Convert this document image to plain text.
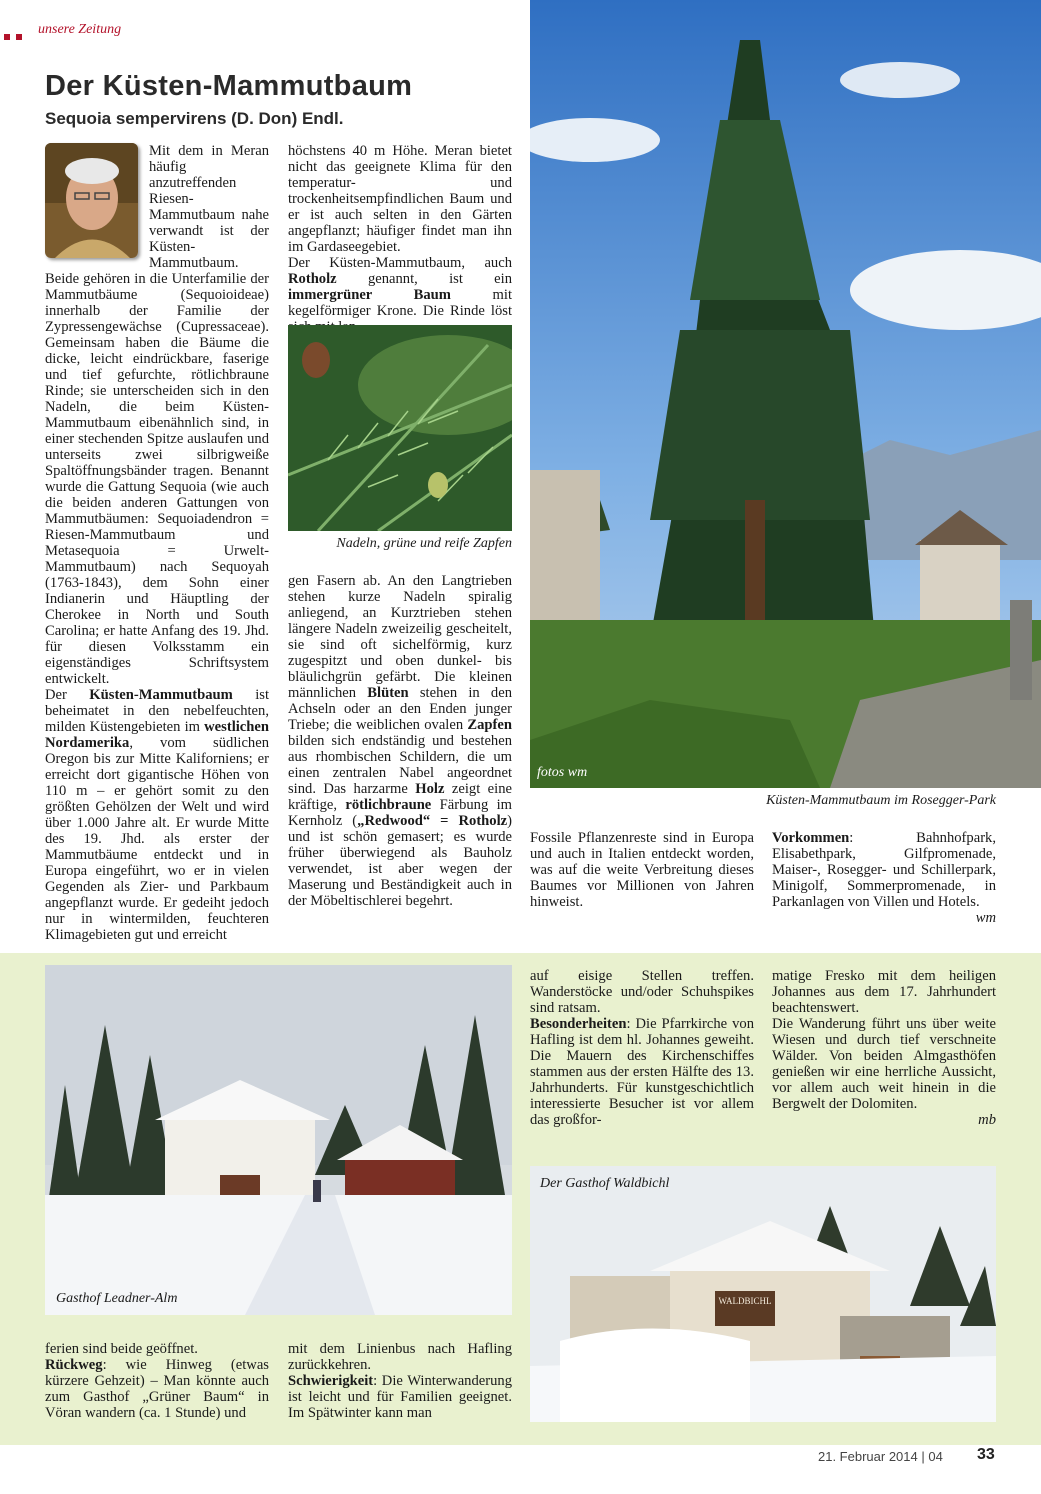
unsere Zeitung
Der Küsten-Mammutbaum
Sequoia sempervirens (D. Don) Endl.

Mit dem in Meran häufig anzutreffenden Riesen-Mammutbaum nahe verwandt ist der Küsten-Mammutbaum. Beide gehören in die Unterfamilie der Mammutbäume (Sequoioideae) innerhalb der Familie der Zypressengewächse (Cupressaceae). Gemeinsam haben die Bäume die dicke, leicht eindrückbare, faserige und tief gefurchte, rötlichbraune Rinde; sie unterscheiden sich in den Nadeln, die beim Küsten-Mammutbaum eibenähnlich sind, in einer stechenden Spitze auslaufen und unterseits zwei silbrigweiße Spaltöffnungsbänder tragen. Benannt wurde die Gattung Sequoia (wie auch die beiden anderen Gattungen von Mammutbäumen: Sequoiadendron = Riesen-Mammutbaum und Metasequoia = Urwelt-Mammutbaum) nach Sequoyah (1763-1843), dem Sohn einer Indianerin und Häuptling der Cherokee in North und South Carolina; er hatte Anfang des 19. Jhd. für diesen Volksstamm ein eigenständiges Schriftsystem entwickelt.

Der Küsten-Mammutbaum ist beheimatet in den nebelfeuchten, milden Küstengebieten im westlichen Nordamerika, vom südlichen Oregon bis zur Mitte Kaliforniens; er erreicht dort gigantische Höhen von 110 m – er gehört somit zu den größten Gehölzen der Welt und wird über 1.000 Jahre alt. Er wurde Mitte des 19. Jhd. als erster der Mammutbäume entdeckt und in Europa eingeführt, wo er in vielen Gegenden als Zier- und Parkbaum angepflanzt wurde. Er gedeiht jedoch nur in wintermilden, feuchteren Klimagebieten gut und erreicht

höchstens 40 m Höhe. Meran bietet nicht das geeignete Klima für den temperatur- und trockenheitsempfindlichen Baum und er ist auch selten in den Gärten angepflanzt; häufiger findet man ihn im Gardaseegebiet.

Der Küsten-Mammutbaum, auch Rotholz genannt, ist ein immergrüner Baum	mit kegelförmiger Krone. Die Rinde löst

Nadeln, grüne und reife Zapfen

gen Fasern ab. An den Langtrieben stehen kurze Nadeln spiralig anliegend, an Kurztrieben stehen längere Nadeln zweizeilig gescheitelt, sie sind oft sichelförmig, kurz zugespitzt und oben dunkel- bis bläulichgrün gefärbt. Die kleinen männlichen Blüten stehen in den Achseln oder an den Enden junger Triebe; die weiblichen ovalen Zapfen bilden sich endständig und bestehen aus rhombischen Schildern, die um einen zentralen Nabel angeordnet sind. Das harzarme Holz zeigt eine kräftige, rötlichbraune Färbung im Kernholz („Redwood“ = Rotholz) und ist schön gemasert; es wurde früher überwiegend als Bauholz verwendet, ist aber wegen der Maserung und Beständigkeit auch in der Möbeltischlerei begehrt.

fotos wm
Küsten-Mammutbaum im Rosegger-Park
Fossile Pflanzenreste sind in Europa und auch in Italien entdeckt worden, was auf die weite Verbreitung dieses Baumes vor Millionen von Jahren hinweist.

Vorkommen: Bahnhofpark, Elisabethpark, Gilfpromenade, Maiser-, Rosegger- und Schillerpark, Minigolf, Sommerpromenade, in Parkanlagen von Villen und Hotels.

wm

Gasthof Leadner-Alm

auf eisige Stellen treffen. Wanderstöcke und/oder Schuhspikes sind ratsam.

Besonderheiten: Die Pfarrkirche von Hafling ist dem hl. Johannes geweiht. Die Mauern des Kirchenschiffes stammen aus der ersten Hälfte des 13. Jahrhunderts. Für kunstgeschichtlich interessierte Besucher ist vor allem das großfor-

matige Fresko mit dem heiligen Johannes aus dem 17. Jahrhundert beachtenswert.

Die Wanderung führt uns über weite Wiesen und durch tief verschneite Wälder. Von beiden Almgasthöfen genießen wir eine herrliche Aussicht, vor allem auch weit hinein in die Bergwelt der Dolomiten.

mb

WALDBICHL
Der Gasthof Waldbichl

ferien sind beide geöffnet.

Rückweg: wie Hinweg (etwas kürzere Gehzeit) – Man könnte auch zum Gasthof „Grüner Baum“ in Vöran wandern (ca. 1 Stunde) und

mit dem Linienbus nach Hafling zurückkehren.

Schwierigkeit: Die Winterwanderung ist leicht und für Familien geeignet. Im Spätwinter kann man

21. Februar 2014 | 04 33
